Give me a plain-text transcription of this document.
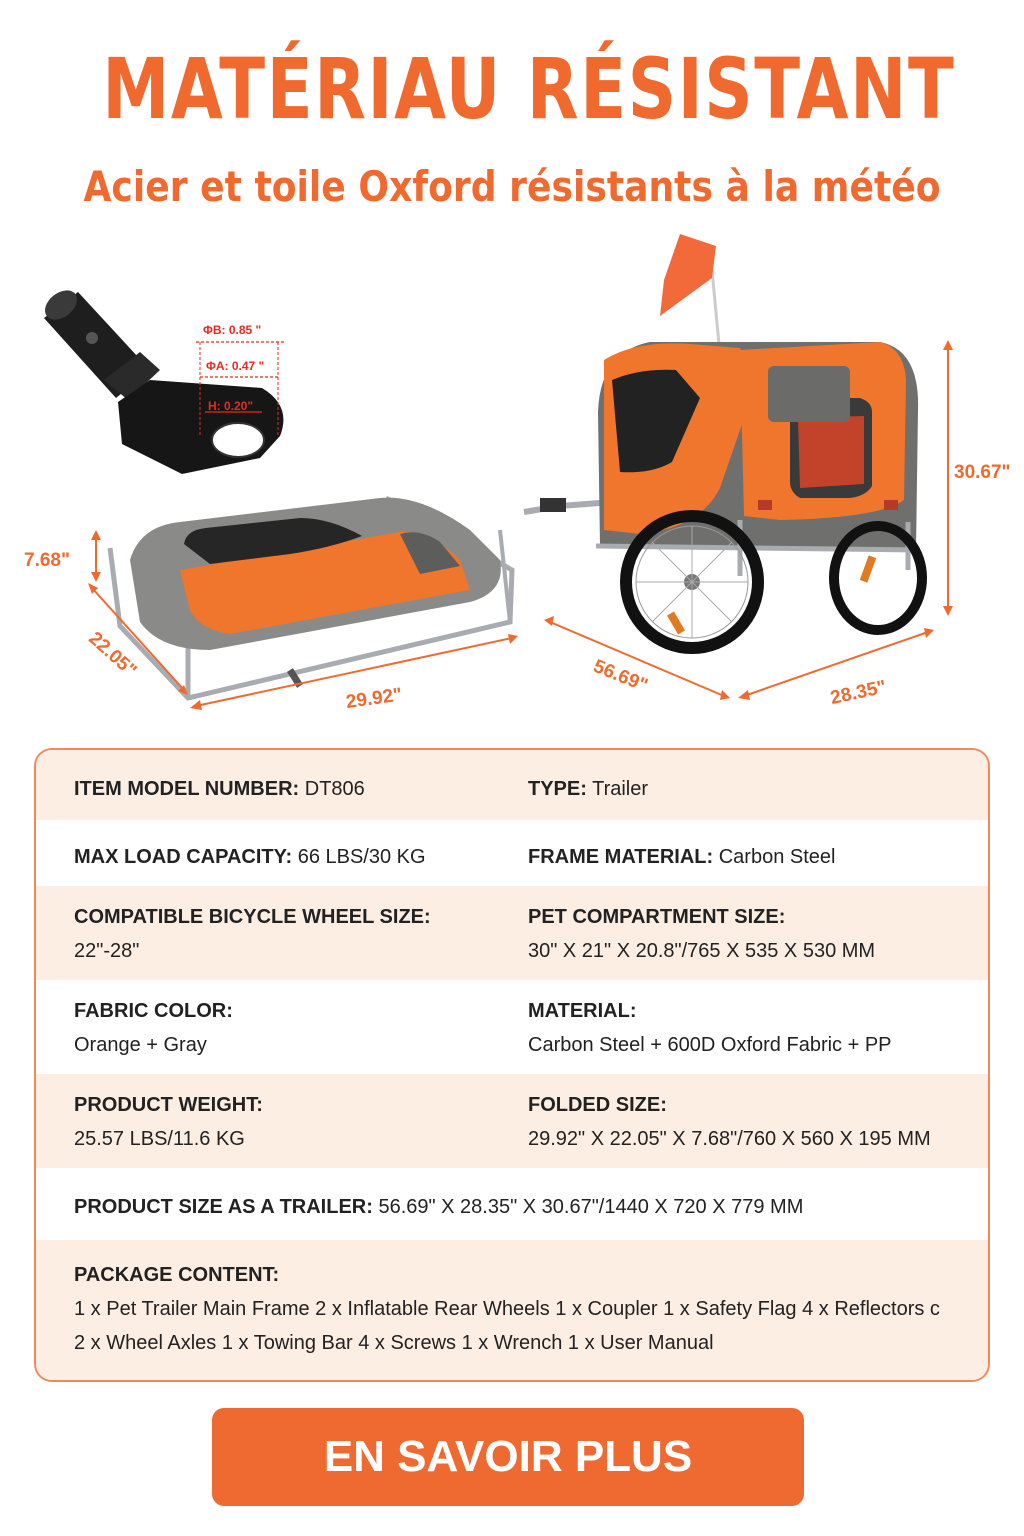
MATÉRIAU RÉSISTANT
Acier et toile Oxford résistants à la météo
ΦB: 0.85 "
ΦA: 0.47 "
H: 0.20"
7.68"
22.05"
29.92"
30.67"
56.69"	28.35"
ITEM MODEL NUMBER: DT806	TYPE: Trailer
MAX LOAD CAPACITY: 66 LBS/30 KG	FRAME MATERIAL: Carbon Steel
COMPATIBLE BICYCLE WHEEL SIZE:
22"-28"
PET COMPARTMENT SIZE:
30" X 21" X 20.8"/765 X 535 X 530 MM
FABRIC COLOR:
Orange + Gray
MATERIAL:
Carbon Steel + 600D Oxford Fabric + PP
PRODUCT WEIGHT:
25.57 LBS/11.6 KG
FOLDED SIZE:
29.92" X 22.05" X 7.68"/760 X 560 X 195 MM
PRODUCT SIZE AS A TRAILER: 56.69" X 28.35" X 30.67"/1440 X 720 X 779 MM
PACKAGE CONTENT:
1 x Pet Trailer Main Frame 2 x Inflatable Rear Wheels 1 x Coupler 1 x Safety Flag 4 x Reflectors c
2 x Wheel Axles 1 x Towing Bar 4 x Screws 1 x Wrench 1 x User Manual
EN SAVOIR PLUS
